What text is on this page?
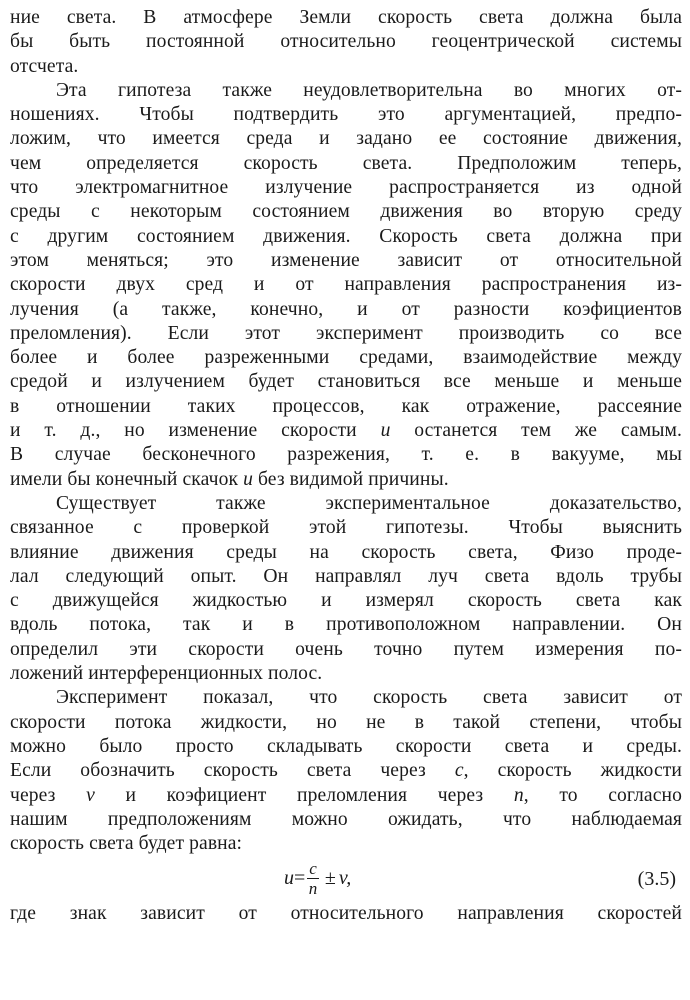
ние света. В атмосфере Земли скорость света должна была
бы быть постоянной относительно геоцентрической системы
отсчета.
Эта гипотеза также неудовлетворительна во многих от-
ношениях. Чтобы подтвердить это аргументацией, предпо-
ложим, что имеется среда и задано ее состояние движения,
чем определяется скорость света. Предположим теперь,
что электромагнитное излучение распространяется из одной
среды с некоторым состоянием движения во вторую среду
с другим состоянием движения. Скорость света должна при
этом меняться; это изменение зависит от относительной
скорости двух сред и от направления распространения из-
лучения (а также, конечно, и от разности коэфициентов
преломления). Если этот эксперимент производить со все
более и более разреженными средами, взаимодействие между
средой и излучением будет становиться все меньше и меньше
в отношении таких процессов, как отражение, рассеяние
и т. д., но изменение скорости u останется тем же самым.
В случае бесконечного разрежения, т. е. в вакууме, мы
имели бы конечный скачок u без видимой причины.
Существует также экспериментальное доказательство,
связанное с проверкой этой гипотезы. Чтобы выяснить
влияние движения среды на скорость света, Физо проде-
лал следующий опыт. Он направлял луч света вдоль трубы
с движущейся жидкостью и измерял скорость света как
вдоль потока, так и в противоположном направлении. Он
определил эти скорости очень точно путем измерения по-
ложений интерференционных полос.
Эксперимент показал, что скорость света зависит от
скорости потока жидкости, но не в такой степени, чтобы
можно было просто складывать скорости света и среды.
Если обозначить скорость света через c, скорость жидкости
через v и коэфициент преломления через n, то согласно
нашим предположениям можно ожидать, что наблюдаемая
скорость света будет равна:
$u = \frac{c}{n} \pm v$,	(3.5)
где знак зависит от относительного направления скоростей
